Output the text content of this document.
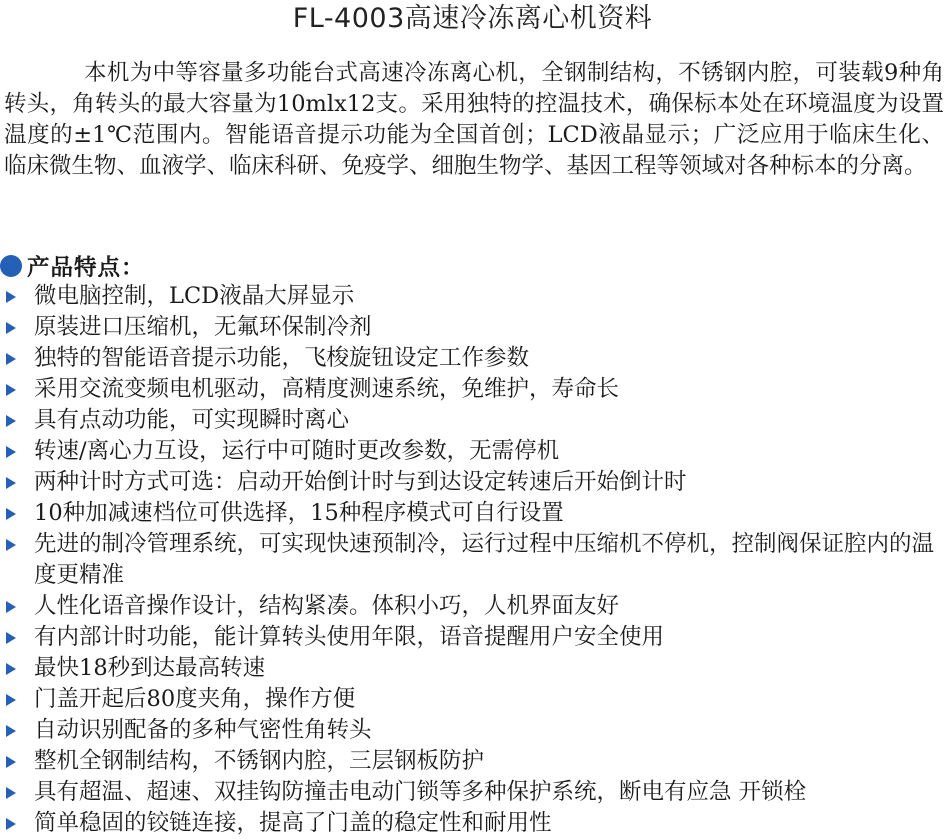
FL-4003高速冷冻离心机资料

本机为中等容量多功能台式高速冷冻离心机，全钢制结构，不锈钢内腔，可装载9种角转头，角转头的最大容量为10mlx12支。采用独特的控温技术，确保标本处在环境温度为设置温度的±1℃范围内。智能语音提示功能为全国首创；LCD液晶显示；广泛应用于临床生化、临床微生物、血液学、临床科研、免疫学、细胞生物学、基因工程等领域对各种标本的分离。

产品特点：
微电脑控制，LCD液晶大屏显示
原装进口压缩机，无氟环保制冷剂
独特的智能语音提示功能，飞梭旋钮设定工作参数
采用交流变频电机驱动，高精度测速系统，免维护，寿命长
具有点动功能，可实现瞬时离心
转速/离心力互设，运行中可随时更改参数，无需停机
两种计时方式可选：启动开始倒计时与到达设定转速后开始倒计时
10种加减速档位可供选择，15种程序模式可自行设置
先进的制冷管理系统，可实现快速预制冷，运行过程中压缩机不停机，控制阀保证腔内的温度更精准
人性化语音操作设计，结构紧凑。体积小巧，人机界面友好
有内部计时功能，能计算转头使用年限，语音提醒用户安全使用
最快18秒到达最高转速
门盖开起后80度夹角，操作方便
自动识别配备的多种气密性角转头
整机全钢制结构，不锈钢内腔，三层钢板防护
具有超温、超速、双挂钩防撞击电动门锁等多种保护系统，断电有应急 开锁栓
简单稳固的铰链连接，提高了门盖的稳定性和耐用性
